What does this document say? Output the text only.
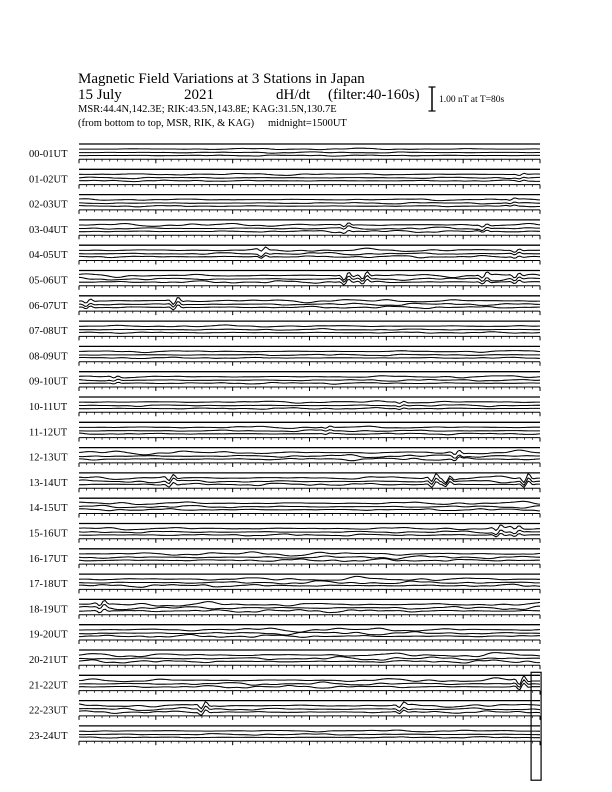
Magnetic Field Variations at 3 Stations in Japan
15 July	2021	dH/dt (filter:40-160s)
MSR:44.4N,142.3E; RIK:43.5N,143.8E; KAG:31.5N,130.7E
(from bottom to top, MSR, RIK, & KAG) midnight=1500UT
1.00 nT at T=80s
00-01UT
01-02UT
02-03UT
03-04UT
04-05UT
05-06UT
06-07UT
07-08UT
08-09UT
09-10UT
10-11UT
11-12UT
12-13UT
13-14UT
14-15UT
15-16UT
16-17UT
17-18UT
18-19UT
19-20UT
20-21UT
21-22UT
22-23UT
23-24UT
